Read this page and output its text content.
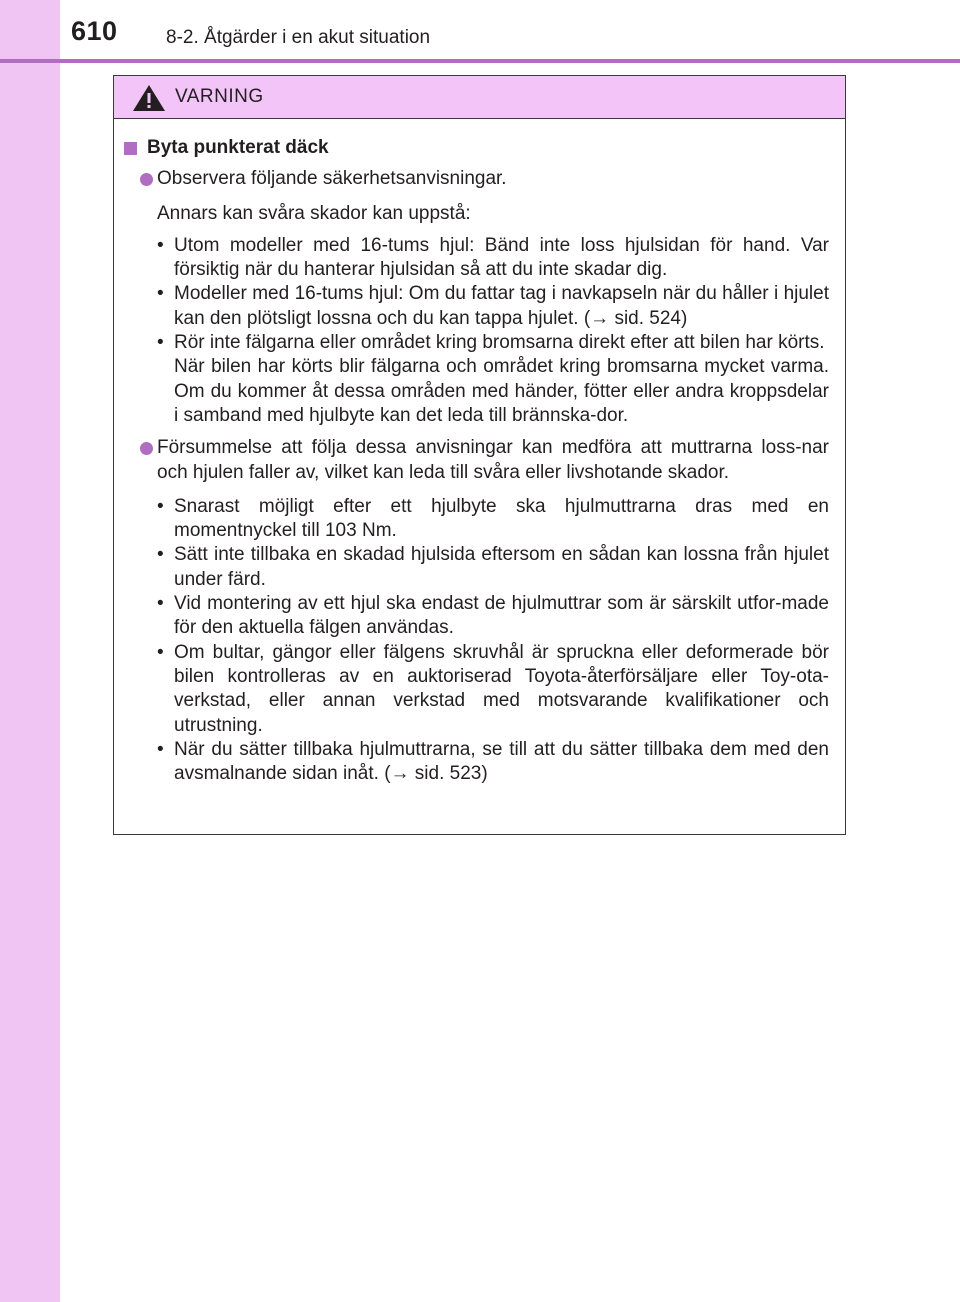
610	8-2. Åtgärder i en akut situation
VARNING
Byta punkterat däck
Observera följande säkerhetsanvisningar.
Annars kan svåra skador kan uppstå:
• Utom modeller med 16-tums hjul: Bänd inte loss hjulsidan för hand. Var försiktig när du hanterar hjulsidan så att du inte skadar dig.
• Modeller med 16-tums hjul: Om du fattar tag i navkapseln när du håller i hjulet kan den plötsligt lossna och du kan tappa hjulet. (→ sid. 524)
• Rör inte fälgarna eller området kring bromsarna direkt efter att bilen har körts.
När bilen har körts blir fälgarna och området kring bromsarna mycket varma. Om du kommer åt dessa områden med händer, fötter eller andra kroppsdelar i samband med hjulbyte kan det leda till brännska-dor.
Försummelse att följa dessa anvisningar kan medföra att muttrarna loss-nar och hjulen faller av, vilket kan leda till svåra eller livshotande skador.
• Snarast möjligt efter ett hjulbyte ska hjulmuttrarna dras med en momentnyckel till 103 Nm.
• Sätt inte tillbaka en skadad hjulsida eftersom en sådan kan lossna från hjulet under färd.
• Vid montering av ett hjul ska endast de hjulmuttrar som är särskilt utfor-made för den aktuella fälgen användas.
• Om bultar, gängor eller fälgens skruvhål är spruckna eller deformerade bör bilen kontrolleras av en auktoriserad Toyota-återförsäljare eller Toy-ota-verkstad, eller annan verkstad med motsvarande kvalifikationer och utrustning.
• När du sätter tillbaka hjulmuttrarna, se till att du sätter tillbaka dem med den avsmalnande sidan inåt. (→ sid. 523)
